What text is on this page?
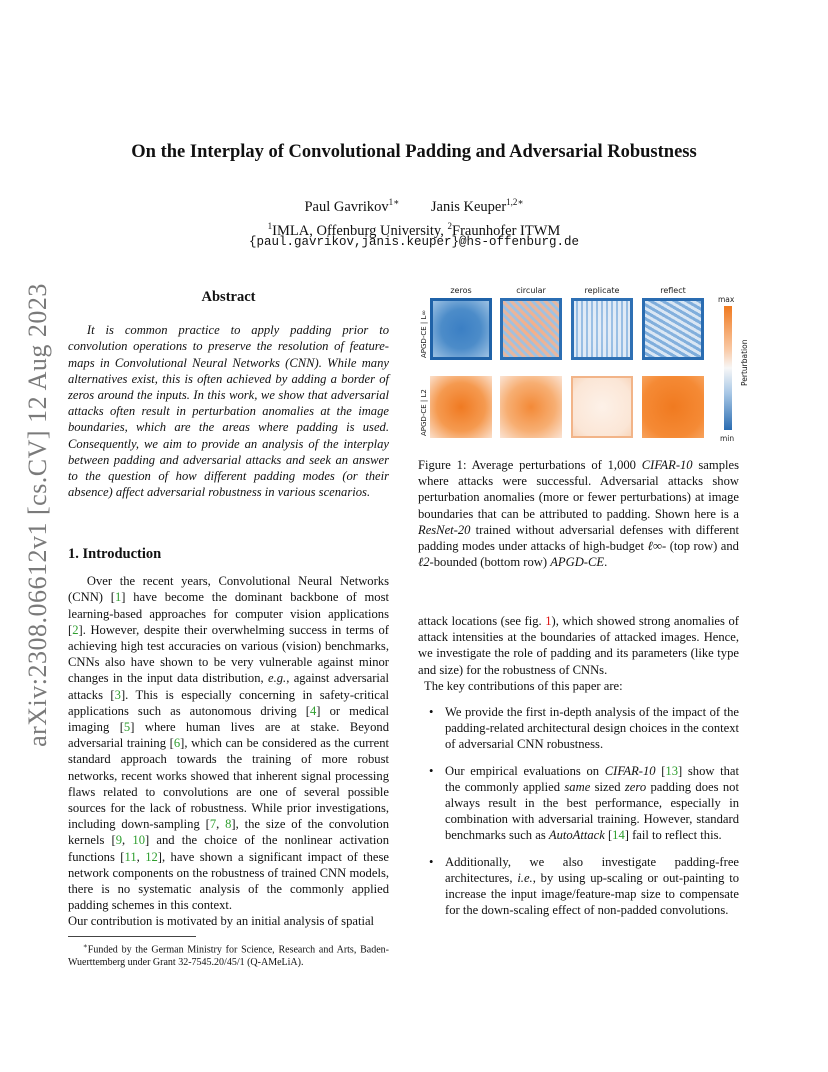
On the Interplay of Convolutional Padding and Adversarial Robustness
Paul Gavrikov$^{1∗}$ Janis Keuper$^{1,2∗}$
$^1$IMLA, Offenburg University, $^2$Fraunhofer ITWM
{paul.gavrikov,janis.keuper}@hs-offenburg.de
arXiv:2308.06612v1 [cs.CV] 12 Aug 2023	Abstract

It is common practice to apply padding prior to convolution operations to preserve the resolution of feature-maps in Convolutional Neural Networks (CNN). While many alternatives exist, this is often achieved by adding a border of zeros around the inputs. In this work, we show that adversarial attacks often result in perturbation anomalies at the image boundaries, which are the areas where padding is used. Consequently, we aim to provide an analysis of the interplay between padding and adversarial attacks and seek an answer to the question of how different padding modes (or their absence) affect adversarial robustness in various scenarios.

1. Introduction

Over the recent years, Convolutional Neural Networks (CNN) [1] have become the dominant backbone of most learning-based approaches for computer vision applications [2]. However, despite their overwhelming success in terms of achieving high test accuracies on various (vision) benchmarks, CNNs also have shown to be very vulnerable against minor changes in the input data distribution, e.g., against adversarial attacks [3]. This is especially concerning in safety-critical applications such as autonomous driving [4] or medical imaging [5] where human lives are at stake. Beyond adversarial training [6], which can be considered as the current standard approach towards the training of more robust networks, recent works showed that inherent signal processing flaws related to convolutions are one of several possible sources for the lack of robustness. While prior investigations, including down-sampling [7, 8], the size of the convolution kernels [9, 10] and the choice of the nonlinear activation functions [11, 12], have shown a significant impact of these network components on the robustness of trained CNN models, there is no systematic analysis of the commonly applied padding schemes in this context.

Our contribution is motivated by an initial analysis of spatial

∗Funded by the German Ministry for Science, Research and Arts, Baden-Wuerttemberg under Grant 32-7545.20/45/1 (Q-AMeLiA).

zeros	circular	replicate	reflect
APGD-CE | L∞
APGD-CE | L2
max
min
Perturbation
Figure 1: Average perturbations of 1,000 CIFAR-10 samples where attacks were successful. Adversarial attacks show perturbation anomalies (more or fewer perturbations) at image boundaries that can be attributed to padding. Shown here is a ResNet-20 trained without adversarial defenses with different padding modes under attacks of high-budget ℓ∞- (top row) and ℓ2-bounded (bottom row) APGD-CE.

attack locations (see fig. 1), which showed strong anomalies of attack intensities at the boundaries of attacked images. Hence, we investigate the role of padding and its parameters (like type and size) for the robustness of CNNs.

The key contributions of this paper are:

• We provide the first in-depth analysis of the impact of the padding-related architectural design choices in the context of adversarial CNN robustness.
• Our empirical evaluations on CIFAR-10 [13] show that the commonly applied same sized zero padding does not always result in the best performance, especially in combination with adversarial training. However, standard benchmarks such as AutoAttack [14] fail to reflect this.
• Additionally, we also investigate padding-free architectures, i.e., by using up-scaling or out-painting to increase the input image/feature-map size to compensate for the down-scaling effect of non-padded convolutions.
